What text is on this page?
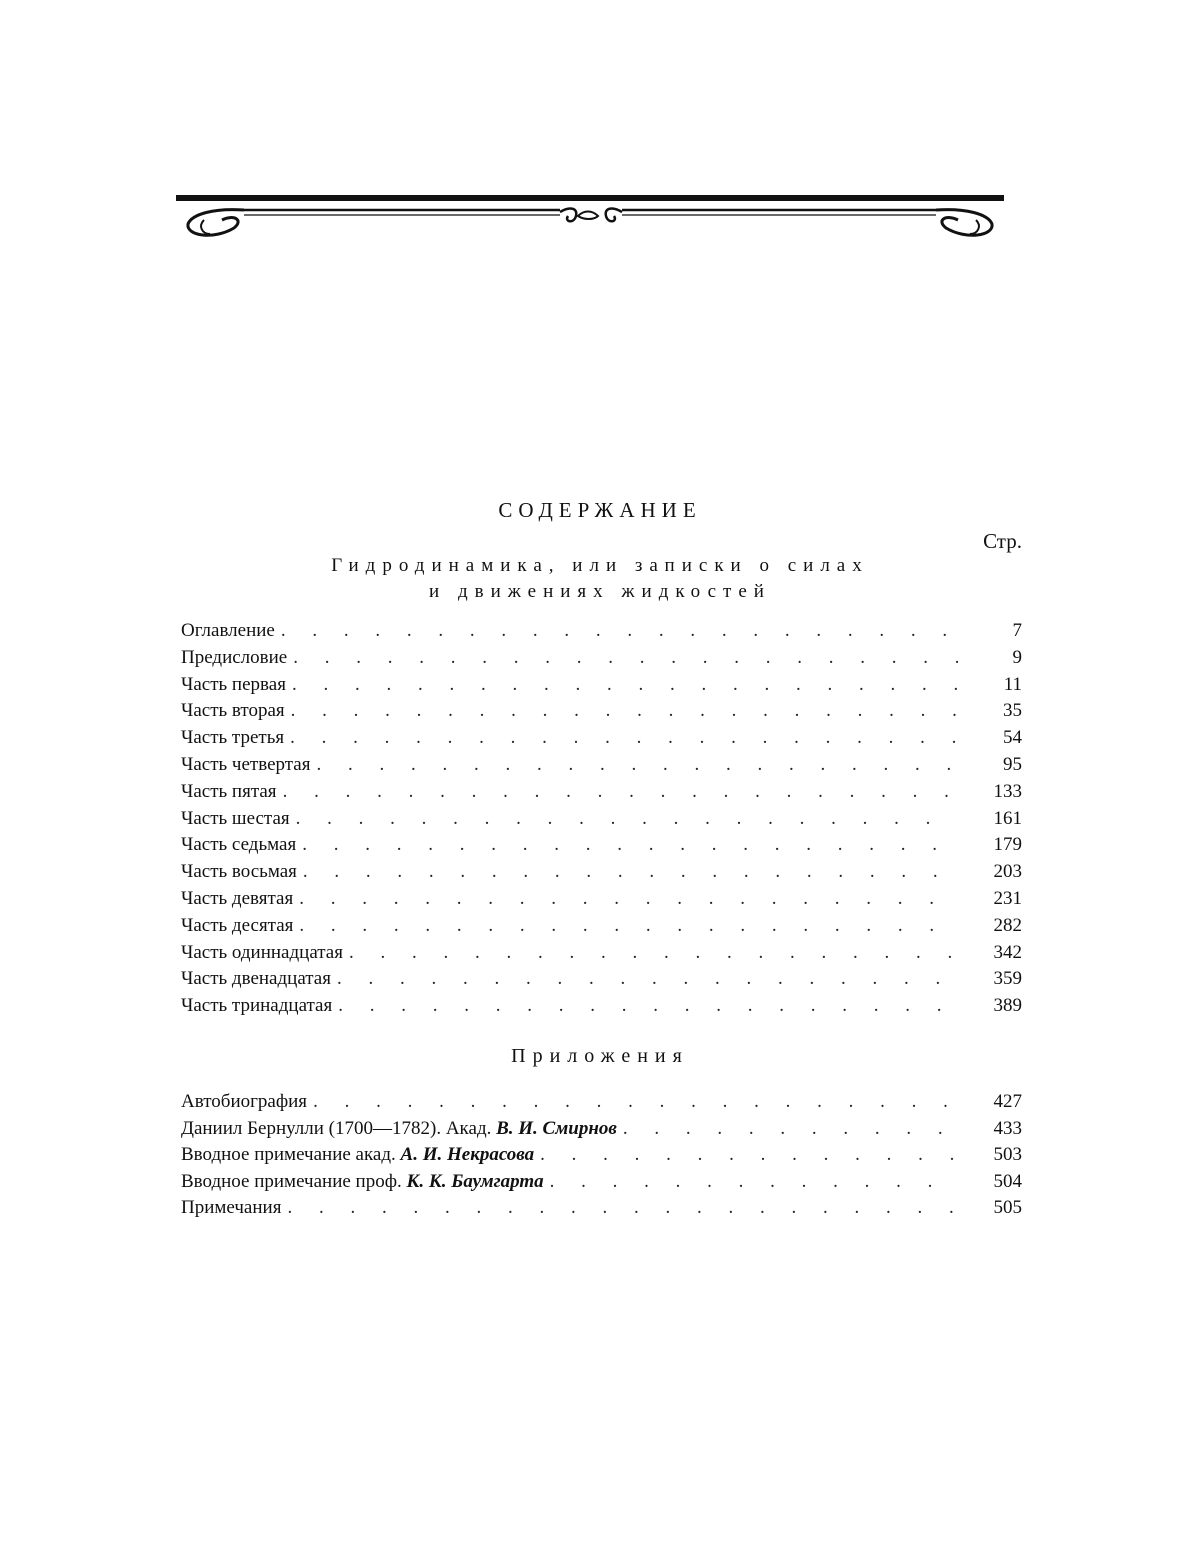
СОДЕРЖАНИЕ
Стр.
Гидродинамика, или записки о силах
и движениях жидкостей
Оглавление . . .	7
Предисловие . . .	9
Часть первая . . .	11
Часть вторая . . .	35
Часть третья . . .	54
Часть четвертая . . .	95
Часть пятая . . .	133
Часть шестая . . .	161
Часть седьмая . . .	179
Часть восьмая . . .	203
Часть девятая . . .	231
Часть десятая . . .	282
Часть одиннадцатая . . .	342
Часть двенадцатая . . .	359
Часть тринадцатая . . .	389
Приложения
Автобиография . . .	427
Даниил Бернулли (1700—1782). Акад. В. И. Смирнов . . .	433
Вводное примечание акад. А. И. Некрасова . . .	503
Вводное примечание проф. К. К. Баумгарта . . .	504
Примечания . . .	505
